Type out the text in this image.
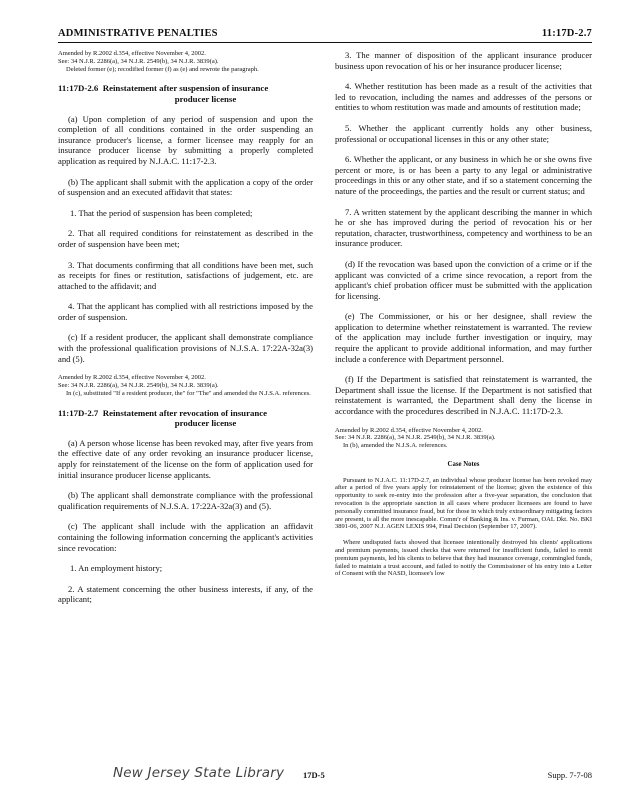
ADMINISTRATIVE PENALTIES	11:17D-2.7
Amended by R.2002 d.354, effective November 4, 2002.
See: 34 N.J.R. 2286(a), 34 N.J.R. 2549(b), 34 N.J.R. 3839(a).
Deleted former (e); recodified former (f) as (e) and rewrote the paragraph.
11:17D-2.6 Reinstatement after suspension of insurance
producer license

(a) Upon completion of any period of suspension and upon the completion of all conditions contained in the order suspending an insurance producer's license, a former licensee may reapply for an insurance producer license by submitting a properly completed application as required by N.J.A.C. 11:17-2.3.

(b) The applicant shall submit with the application a copy of the order of suspension and an executed affidavit that states:

1. That the period of suspension has been completed;

2. That all required conditions for reinstatement as described in the order of suspension have been met;

3. That documents confirming that all conditions have been met, such as receipts for fines or restitution, satisfactions of judgement, etc. are attached to the affidavit; and

4. That the applicant has complied with all restrictions imposed by the order of suspension.

(c) If a resident producer, the applicant shall demonstrate compliance with the professional qualification provisions of N.J.S.A. 17:22A-32a(3) and (5).

Amended by R.2002 d.354, effective November 4, 2002.
See: 34 N.J.R. 2286(a), 34 N.J.R. 2549(b), 34 N.J.R. 3839(a).
In (c), substituted "If a resident producer, the" for "The" and amended the N.J.S.A. references.
11:17D-2.7 Reinstatement after revocation of insurance
producer license

(a) A person whose license has been revoked may, after five years from the effective date of any order revoking an insurance producer license, apply for reinstatement of the license on the form of application used for initial insurance producer license applicants.

(b) The applicant shall demonstrate compliance with the professional qualification requirements of N.J.S.A. 17:22A-32a(3) and (5).

(c) The applicant shall include with the application an affidavit containing the following information concerning the applicant's activities since revocation:

1. An employment history;

2. A statement concerning the other business interests, if any, of the applicant;

3. The manner of disposition of the applicant insurance producer business upon revocation of his or her insurance producer license;

4. Whether restitution has been made as a result of the activities that led to revocation, including the names and addresses of the persons or entities to whom restitution was made and amounts of restitution made;

5. Whether the applicant currently holds any other business, professional or occupational licenses in this or any other state;

6. Whether the applicant, or any business in which he or she owns five percent or more, is or has been a party to any legal or administrative proceedings in this or any other state, and if so a statement concerning the nature of the proceedings, the parties and the result or current status; and

7. A written statement by the applicant describing the manner in which he or she has improved during the period of revocation his or her reputation, character, trustworthiness, competency and worthiness to be an insurance producer.

(d) If the revocation was based upon the conviction of a crime or if the applicant was convicted of a crime since revocation, a report from the applicant's chief probation officer must be submitted with the application for licensing.

(e) The Commissioner, or his or her designee, shall review the application to determine whether reinstatement is warranted. The review of the application may include further investigation or inquiry, may require the applicant to provide additional information, and may further include a conference with Department personnel.

(f) If the Department is satisfied that reinstatement is warranted, the Department shall issue the license. If the Department is not satisfied that reinstatement is warranted, the Department shall deny the license in accordance with the procedures described in N.J.A.C. 11:17D-2.3.

Amended by R.2002 d.354, effective November 4, 2002.
See: 34 N.J.R. 2286(a), 34 N.J.R. 2549(b), 34 N.J.R. 3839(a).
In (b), amended the N.J.S.A. references.
Case Notes

Pursuant to N.J.A.C. 11:17D-2.7, an individual whose producer license has been revoked may after a period of five years apply for reinstatement of the license; given the existence of this opportunity to seek re-entry into the profession after a five-year separation, the conclusion that revocation is the appropriate sanction in all cases where producer licensees are found to have personally committed insurance fraud, but for those in which truly extraordinary mitigating factors are present, is all the more inescapable. Comm'r of Banking & Ins. v. Furman, OAL Dkt. No. BKI 3891-06, 2007 N.J. AGEN LEXIS 994, Final Decision (September 17, 2007).

Where undisputed facts showed that licensee intentionally destroyed his clients' applications and premium payments, issued checks that were returned for insufficient funds, failed to remit premium payments, led his clients to believe that they had insurance coverage, commingled funds, failed to maintain a trust account, and failed to notify the Commissioner of his entry into a Letter of Consent with the NASD, licensee's low

New Jersey State Library 17D-5	Supp. 7-7-08
